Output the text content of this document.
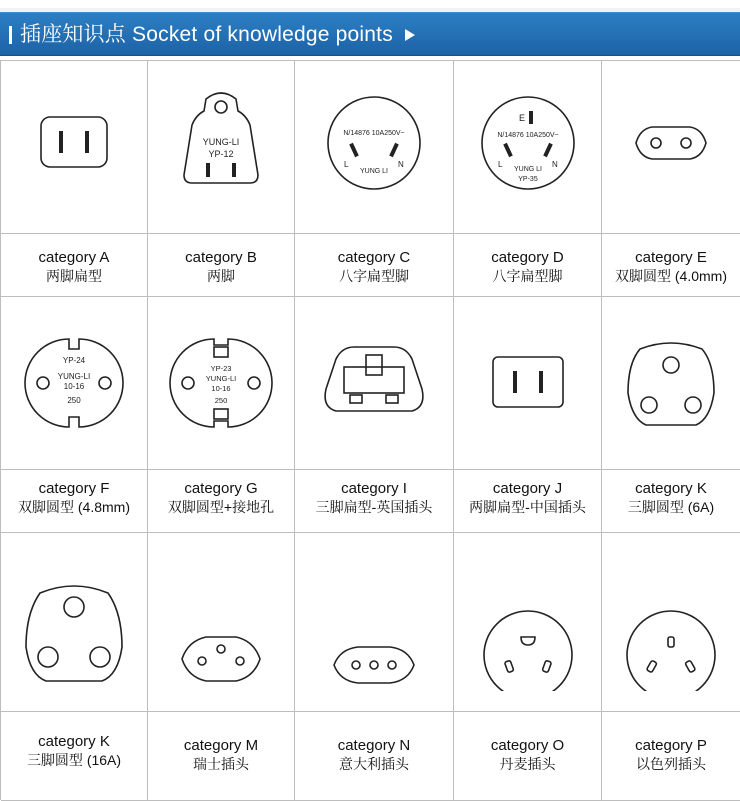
插座知识点 Socket of knowledge points
category A
两脚扁型
YUNG-LI
YP-12
category B
两脚
N/14876 10A250V~
L	N
YUNG LI
category C
八字扁型脚
E
N/14876 10A250V~
L	N
YUNG LI
YP-35
category D
八字扁型脚
category E
双脚圆型 (4.0mm)
YP-24
YUNG-LI
10-16
250
category F
双脚圆型 (4.8mm)
YP-23
YUNG-LI
10-16
250
category G
双脚圆型+接地孔
category I
三脚扁型-英国插头
category J
两脚扁型-中国插头
category K
三脚圆型 (6A)
category K
三脚圆型 (16A)
category M
瑞士插头
category N
意大利插头
category O
丹麦插头
category P
以色列插头
